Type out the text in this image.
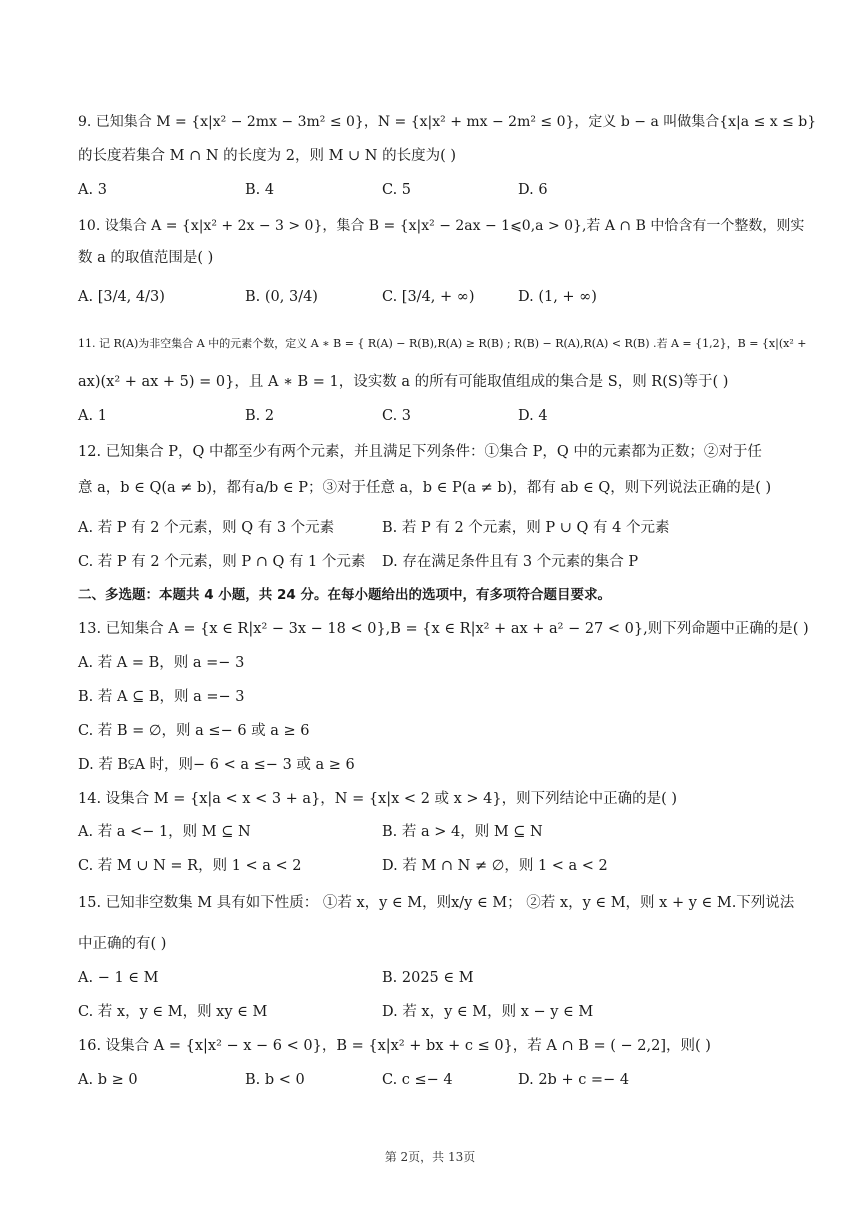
9. 已知集合 M = {x|x² − 2mx − 3m² ≤ 0}，N = {x|x² + mx − 2m² ≤ 0}，定义 b − a 叫做集合{x|a ≤ x ≤ b}
的长度若集合 M ∩ N 的长度为 2，则 M ∪ N 的长度为( )
A. 3	B. 4	C. 5	D. 6
10. 设集合 A = {x|x² + 2x − 3 > 0}，集合 B = {x|x² − 2ax − 1⩽0,a > 0},若 A ∩ B 中恰含有一个整数，则实
数 a 的取值范围是( )
A. [3/4, 4/3)	B. (0, 3/4)	C. [3/4, + ∞)	D. (1, + ∞)
11. 记 R(A)为非空集合 A 中的元素个数，定义 A ∗ B = { R(A) − R(B),R(A) ≥ R(B) ; R(B) − R(A),R(A) < R(B) .若 A = {1,2}，B = {x|(x² +
ax)(x² + ax + 5) = 0}，且 A ∗ B = 1，设实数 a 的所有可能取值组成的集合是 S，则 R(S)等于( )
A. 1	B. 2	C. 3	D. 4
12. 已知集合 P，Q 中都至少有两个元素，并且满足下列条件：①集合 P，Q 中的元素都为正数；②对于任
意 a，b ∈ Q(a ≠ b)，都有a/b ∈ P；③对于任意 a，b ∈ P(a ≠ b)，都有 ab ∈ Q，则下列说法正确的是( )
A. 若 P 有 2 个元素，则 Q 有 3 个元素	B. 若 P 有 2 个元素，则 P ∪ Q 有 4 个元素
C. 若 P 有 2 个元素，则 P ∩ Q 有 1 个元素 D. 存在满足条件且有 3 个元素的集合 P
二、多选题：本题共 4 小题，共 24 分。在每小题给出的选项中，有多项符合题目要求。
13. 已知集合 A = {x ∈ R|x² − 3x − 18 < 0},B = {x ∈ R|x² + ax + a² − 27 < 0},则下列命题中正确的是( )
A. 若 A = B，则 a =− 3
B. 若 A ⊆ B，则 a =− 3
C. 若 B = ∅，则 a ≤− 6 或 a ≥ 6
D. 若 B⫋A 时，则− 6 < a ≤− 3 或 a ≥ 6
14. 设集合 M = {x|a < x < 3 + a}，N = {x|x < 2 或 x > 4}，则下列结论中正确的是( )
A. 若 a <− 1，则 M ⊆ N	B. 若 a > 4，则 M ⊆ N
C. 若 M ∪ N = R，则 1 < a < 2	D. 若 M ∩ N ≠ ∅，则 1 < a < 2
15. 已知非空数集 M 具有如下性质： ①若 x，y ∈ M，则x/y ∈ M； ②若 x，y ∈ M，则 x + y ∈ M.下列说法
中正确的有( )
A. − 1 ∈ M	B. 2025 ∈ M
C. 若 x，y ∈ M，则 xy ∈ M	D. 若 x，y ∈ M，则 x − y ∈ M
16. 设集合 A = {x|x² − x − 6 < 0}，B = {x|x² + bx + c ≤ 0}，若 A ∩ B = ( − 2,2]，则( )
A. b ≥ 0	B. b < 0	C. c ≤− 4	D. 2b + c =− 4
第 2页，共 13页
